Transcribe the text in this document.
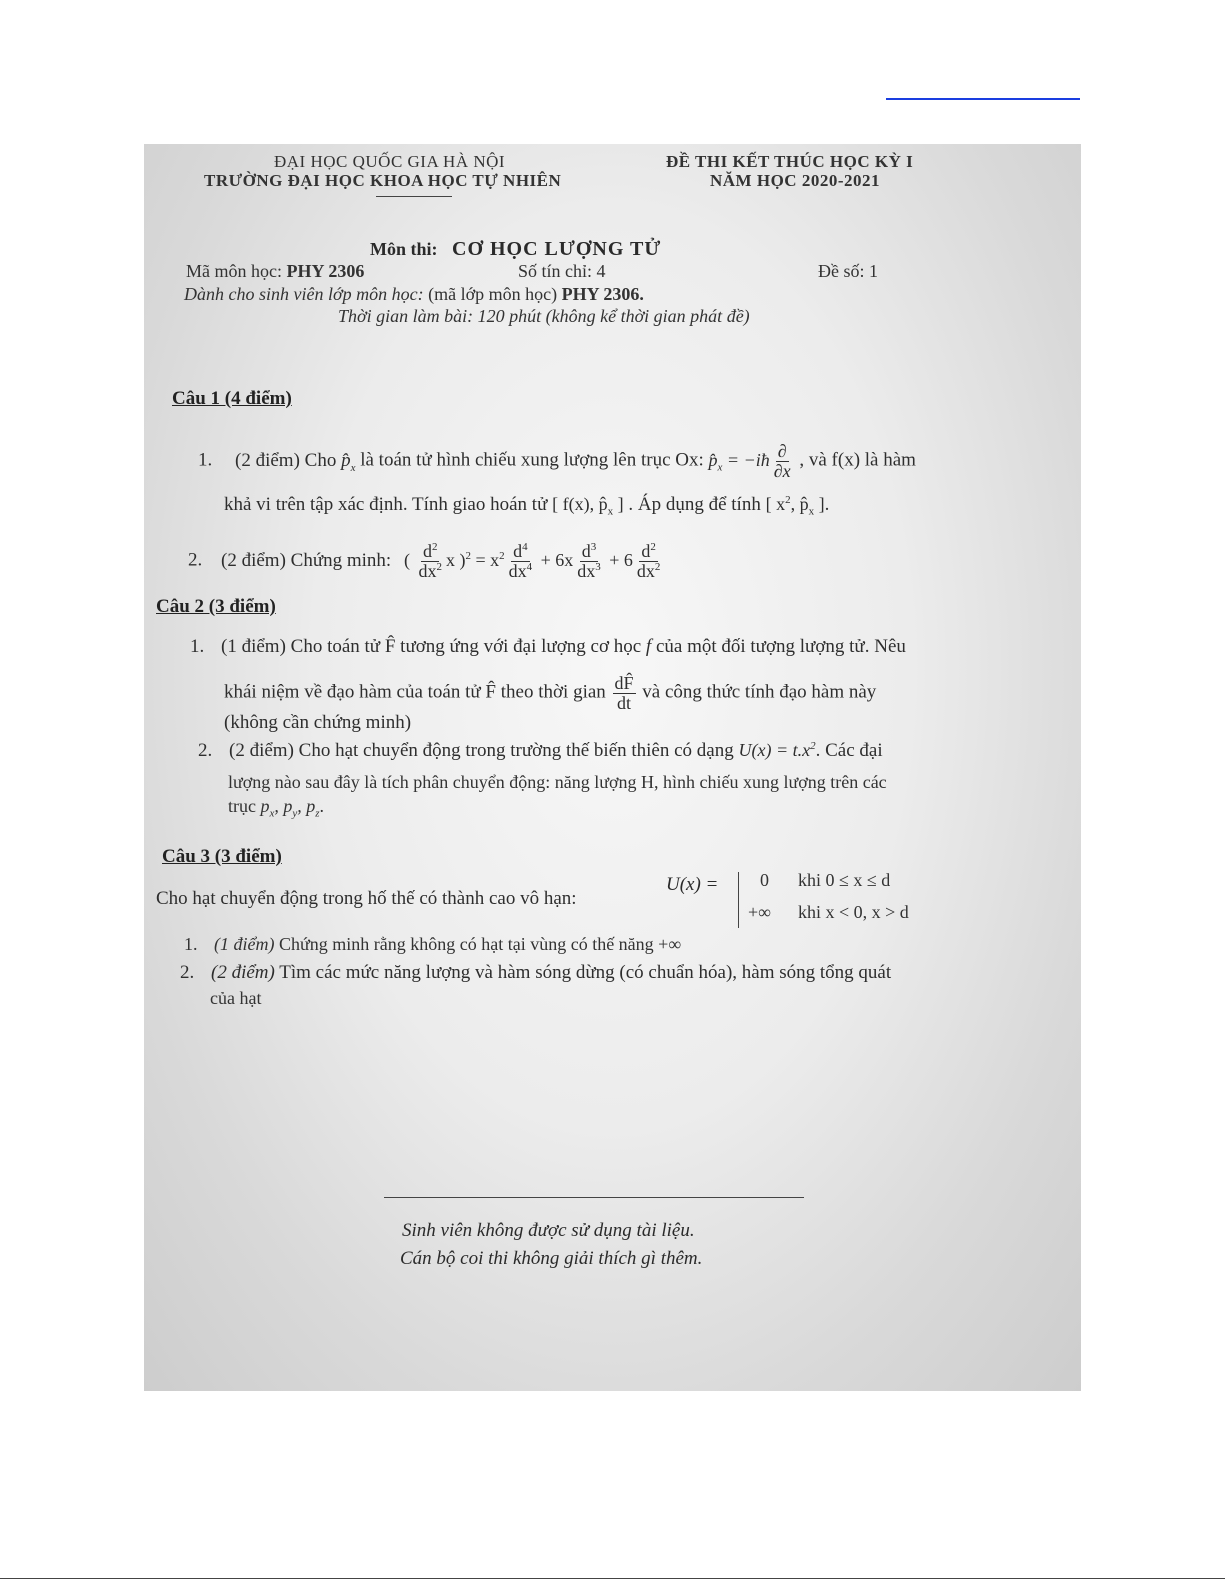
ĐẠI HỌC QUỐC GIA HÀ NỘI
TRƯỜNG ĐẠI HỌC KHOA HỌC TỰ NHIÊN
ĐỀ THI KẾT THÚC HỌC KỲ I
NĂM HỌC 2020-2021
Môn thi: CƠ HỌC LƯỢNG TỬ
Mã môn học: PHY 2306	Số tín chỉ: 4	Đề số: 1
Dành cho sinh viên lớp môn học: (mã lớp môn học) PHY 2306.
Thời gian làm bài: 120 phút (không kể thời gian phát đề)
Câu 1 (4 điểm)
1. (2 điểm) Cho $p̂_x$ là toán tử hình chiếu xung lượng lên trục Ox: $p̂_x$ = −iħ $\frac{\partial}{\partial x}$ , và f(x) là hàm
khả vi trên tập xác định. Tính giao hoán tử [ f(x), $p̂_x$ ] . Áp dụng để tính [ $x^2$, $p̂_x$ ].
2. (2 điểm) Chứng minh: ( $\frac{d^2}{dx^2}$ x )$^2 = x^2 \frac{d^4}{dx^4} + 6x \frac{d^3}{dx^3} + 6 \frac{d^2}{dx^2}$
Câu 2 (3 điểm)
1. (1 điểm) Cho toán tử F̂ tương ứng với đại lượng cơ học f của một đối tượng lượng tử. Nêu
khái niệm về đạo hàm của toán tử F̂ theo thời gian $\frac{dF̂}{dt}$ và công thức tính đạo hàm này
(không cần chứng minh)
2. (2 điểm) Cho hạt chuyển động trong trường thế biến thiên có dạng $U(x) = t.x^2$. Các đại
lượng nào sau đây là tích phân chuyển động: năng lượng H, hình chiếu xung lượng trên các
trục $p_x$, $p_y$, $p_z$.
Câu 3 (3 điểm)
Cho hạt chuyển động trong hố thế có thành cao vô hạn:
U(x) = 0 khi 0 ≤ x ≤ d
+∞ khi x < 0, x > d
1. (1 điểm) Chứng minh rằng không có hạt tại vùng có thế năng +∞
2. (2 điểm) Tìm các mức năng lượng và hàm sóng dừng (có chuẩn hóa), hàm sóng tổng quát
của hạt
Sinh viên không được sử dụng tài liệu.
Cán bộ coi thi không giải thích gì thêm.
